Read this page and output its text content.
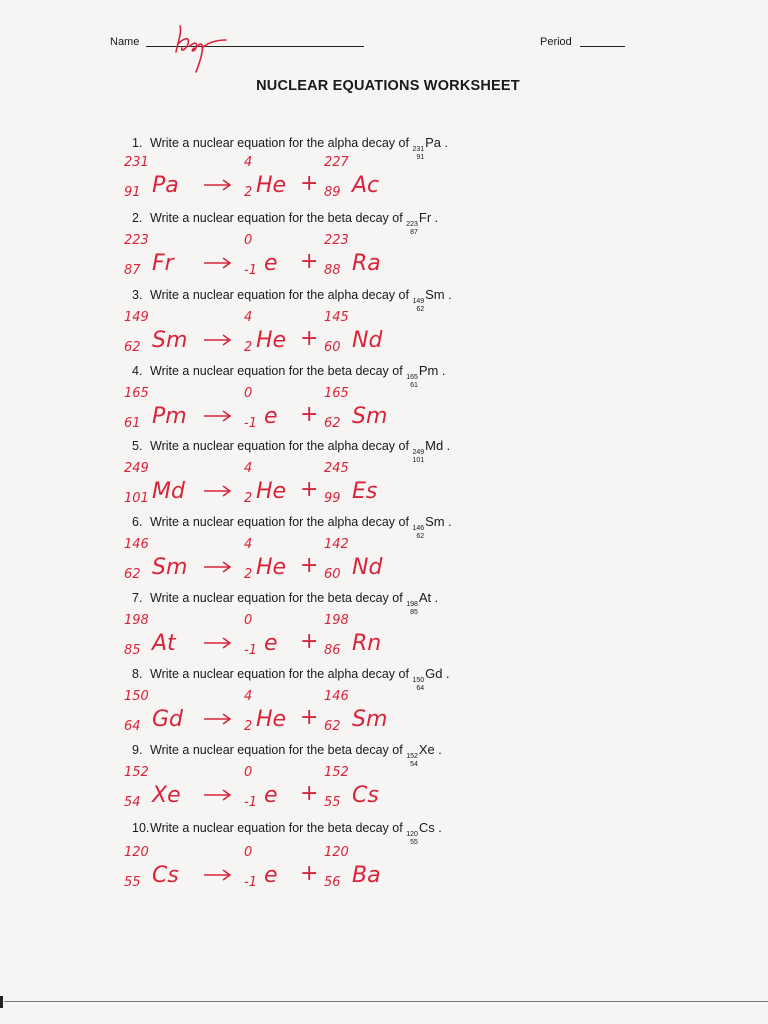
Name	Period
NUCLEAR EQUATIONS WORKSHEET
1. Write a nuclear equation for the alpha decay of 231
91
Pa .
231
91 Pa
4
2 He
227
89 Ac
+
2. Write a nuclear equation for the beta decay of 223
87
Fr .
223
87 Fr
0
-1 e
223
88 Ra
+
3. Write a nuclear equation for the alpha decay of 149
62
Sm .
149
62 Sm
4
2 He
145
60 Nd
+
4. Write a nuclear equation for the beta decay of 165
61
Pm .
165
61 Pm
0
-1 e
165
62 Sm
+
5. Write a nuclear equation for the alpha decay of 249
101
Md .
249
101 Md
4
2 He
245
99 Es
+
6. Write a nuclear equation for the alpha decay of 146
62
Sm .
146
62 Sm
4
2 He
142
60 Nd
+
7. Write a nuclear equation for the beta decay of 198
85
At .
198
85 At
0
-1 e
198
86 Rn
+
8. Write a nuclear equation for the alpha decay of 150
64
Gd .
150
64 Gd
4
2 He
146
62 Sm
+
9. Write a nuclear equation for the beta decay of 152
54
Xe .
152
54 Xe
0
-1 e
152
55 Cs
+
10.Write a nuclear equation for the beta decay of 120
55
Cs .
120
55 Cs
0
-1 e
120
56 Ba
+
